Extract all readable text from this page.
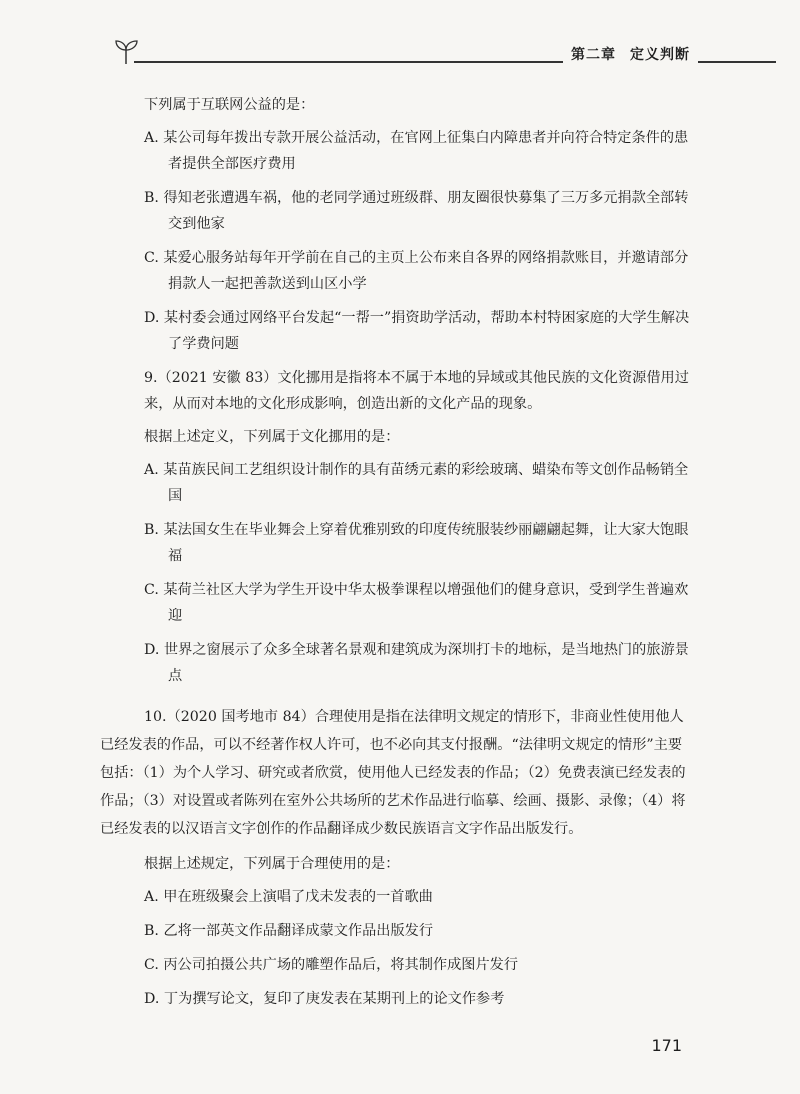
第二章 定义判断

下列属于互联网公益的是：

A. 某公司每年拨出专款开展公益活动，在官网上征集白内障患者并向符合特定条件的患者提供全部医疗费用
B. 得知老张遭遇车祸，他的老同学通过班级群、朋友圈很快募集了三万多元捐款全部转交到他家
C. 某爱心服务站每年开学前在自己的主页上公布来自各界的网络捐款账目，并邀请部分捐款人一起把善款送到山区小学
D. 某村委会通过网络平台发起“一帮一”捐资助学活动，帮助本村特困家庭的大学生解决了学费问题

9.（2021 安徽 83）文化挪用是指将本不属于本地的异域或其他民族的文化资源借用过来，从而对本地的文化形成影响，创造出新的文化产品的现象。

根据上述定义，下列属于文化挪用的是：

A. 某苗族民间工艺组织设计制作的具有苗绣元素的彩绘玻璃、蜡染布等文创作品畅销全国
B. 某法国女生在毕业舞会上穿着优雅别致的印度传统服装纱丽翩翩起舞，让大家大饱眼福
C. 某荷兰社区大学为学生开设中华太极拳课程以增强他们的健身意识，受到学生普遍欢迎
D. 世界之窗展示了众多全球著名景观和建筑成为深圳打卡的地标，是当地热门的旅游景点

10.（2020 国考地市 84）合理使用是指在法律明文规定的情形下，非商业性使用他人已经发表的作品，可以不经著作权人许可，也不必向其支付报酬。“法律明文规定的情形”主要包括：（1）为个人学习、研究或者欣赏，使用他人已经发表的作品；（2）免费表演已经发表的作品；（3）对设置或者陈列在室外公共场所的艺术作品进行临摹、绘画、摄影、录像；（4）将已经发表的以汉语言文字创作的作品翻译成少数民族语言文字作品出版发行。

根据上述规定，下列属于合理使用的是：

A. 甲在班级聚会上演唱了戊未发表的一首歌曲
B. 乙将一部英文作品翻译成蒙文作品出版发行
C. 丙公司拍摄公共广场的雕塑作品后，将其制作成图片发行
D. 丁为撰写论文，复印了庚发表在某期刊上的论文作参考
171
